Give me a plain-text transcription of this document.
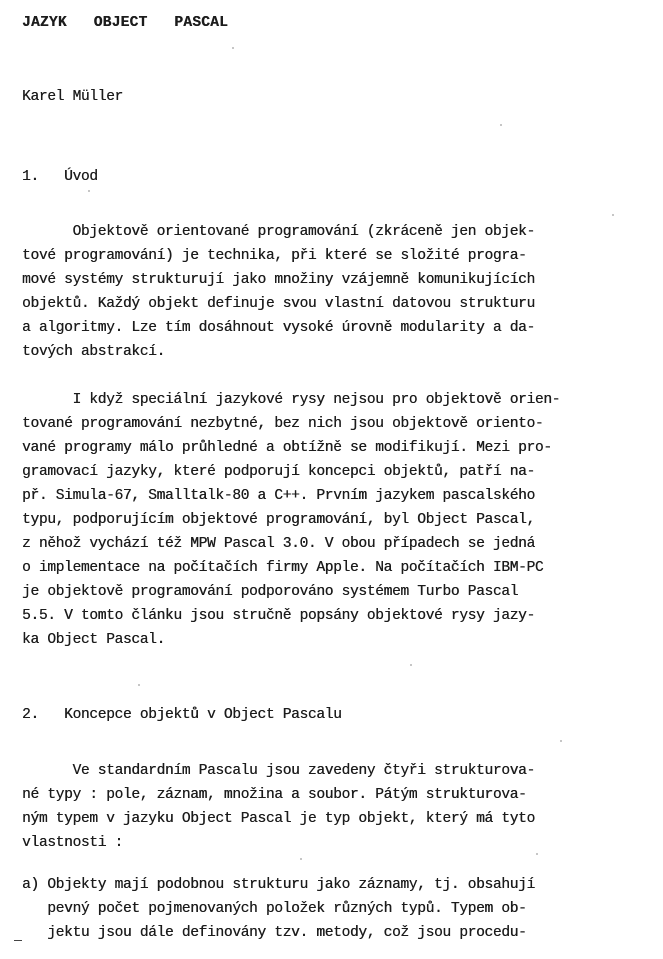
JAZYK   OBJECT   PASCAL
Karel Müller
1.   Úvod
Objektově orientované programování (zkráceně jen objek-
tové programování) je technika, při které se složité progra-
mové systémy strukturují jako množiny vzájemně komunikujících
objektů. Každý objekt definuje svou vlastní datovou strukturu
a algoritmy. Lze tím dosáhnout vysoké úrovně modularity a da-
tových abstrakcí.
I když speciální jazykové rysy nejsou pro objektově orien-
tované programování nezbytné, bez nich jsou objektově orientо-
vané programy málo průhledné a obtížně se modifikují. Mezi pro-
gramovací jazyky, které podporují koncepci objektů, patří na-
př. Simula-67, Smalltalk-80 a C++. Prvním jazykem pascalského
typu, podporujícím objektové programování, byl Object Pascal,
z něhož vychází též MPW Pascal 3.0. V obou případech se jedná
o implementace na počítačích firmy Apple. Na počítačích IBM-PC
je objektově programování podporováno systémem Turbo Pascal
5.5. V tomto článku jsou stručně popsány objektové rysy jazy-
ka Object Pascal.
2.   Koncepce objektů v Object Pascalu
Ve standardním Pascalu jsou zavedeny čtyři strukturova-
né typy : pole, záznam, množina a soubor. Pátým strukturova-
ným typem v jazyku Object Pascal je typ objekt, který má tyto
vlastnosti :
a) Objekty mají podobnou strukturu jako záznamy, tj. obsahují
pevný počet pojmenovaných položek různých typů. Typem ob-
jektu jsou dále definovány tzv. metody, což jsou procedu-
